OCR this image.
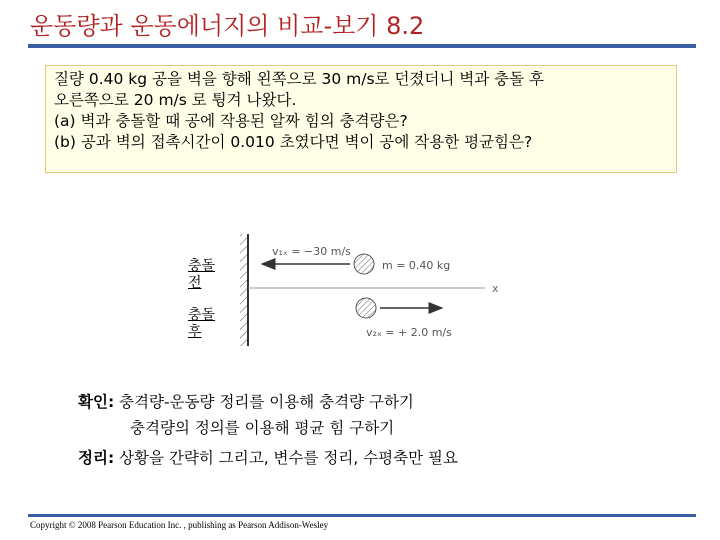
운동량과 운동에너지의 비교-보기 8.2
질량 0.40 kg 공을 벽을 향해 왼쪽으로 30 m/s로 던졌더니 벽과 충돌 후
오른쪽으로 20 m/s 로 튕겨 나왔다.
(a) 벽과 충돌할 때 공에 작용된 알짜 힘의 충격량은?
(b) 공과 벽의 접촉시간이 0.010 초였다면 벽이 공에 작용한 평균힘은?
충돌
전
충돌
후
x
v₁ₓ = −30 m/s
m = 0.40 kg
v₂ₓ = + 2.0 m/s
확인: 충격량-운동량 정리를 이용해 충격량 구하기
충격량의 정의를 이용해 평균 힘 구하기
정리: 상황을 간략히 그리고, 변수를 정리, 수평축만 필요
Copyright © 2008 Pearson Education Inc. , publishing as Pearson Addison-Wesley
